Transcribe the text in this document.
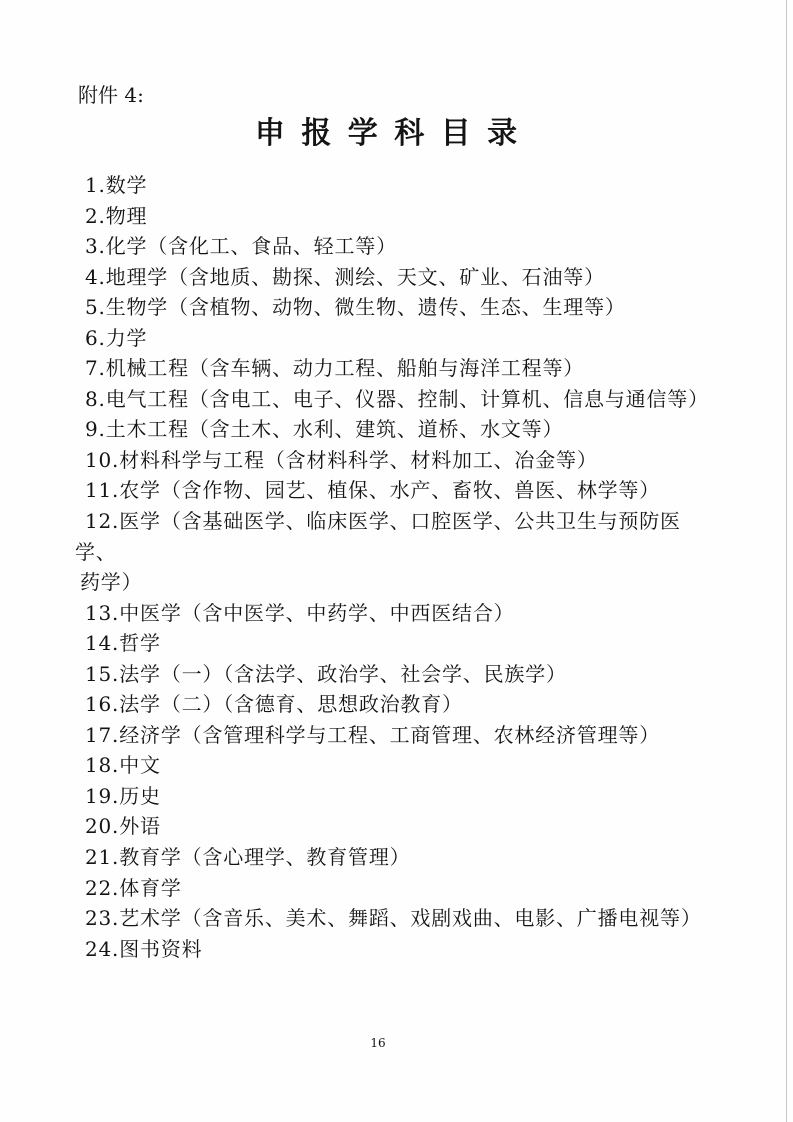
附件 4:
申 报 学 科 目 录
1.数学
2.物理
3.化学（含化工、食品、轻工等）
4.地理学（含地质、勘探、测绘、天文、矿业、石油等）
5.生物学（含植物、动物、微生物、遗传、生态、生理等）
6.力学
7.机械工程（含车辆、动力工程、船舶与海洋工程等）
8.电气工程（含电工、电子、仪器、控制、计算机、信息与通信等）
9.土木工程（含土木、水利、建筑、道桥、水文等）
10.材料科学与工程（含材料科学、材料加工、冶金等）
11.农学（含作物、园艺、植保、水产、畜牧、兽医、林学等）
12.医学（含基础医学、临床医学、口腔医学、公共卫生与预防医
学、
药学）
13.中医学（含中医学、中药学、中西医结合）
14.哲学
15.法学（一）（含法学、政治学、社会学、民族学）
16.法学（二）（含德育、思想政治教育）
17.经济学（含管理科学与工程、工商管理、农林经济管理等）
18.中文
19.历史
20.外语
21.教育学（含心理学、教育管理）
22.体育学
23.艺术学（含音乐、美术、舞蹈、戏剧戏曲、电影、广播电视等）
24.图书资料
16
